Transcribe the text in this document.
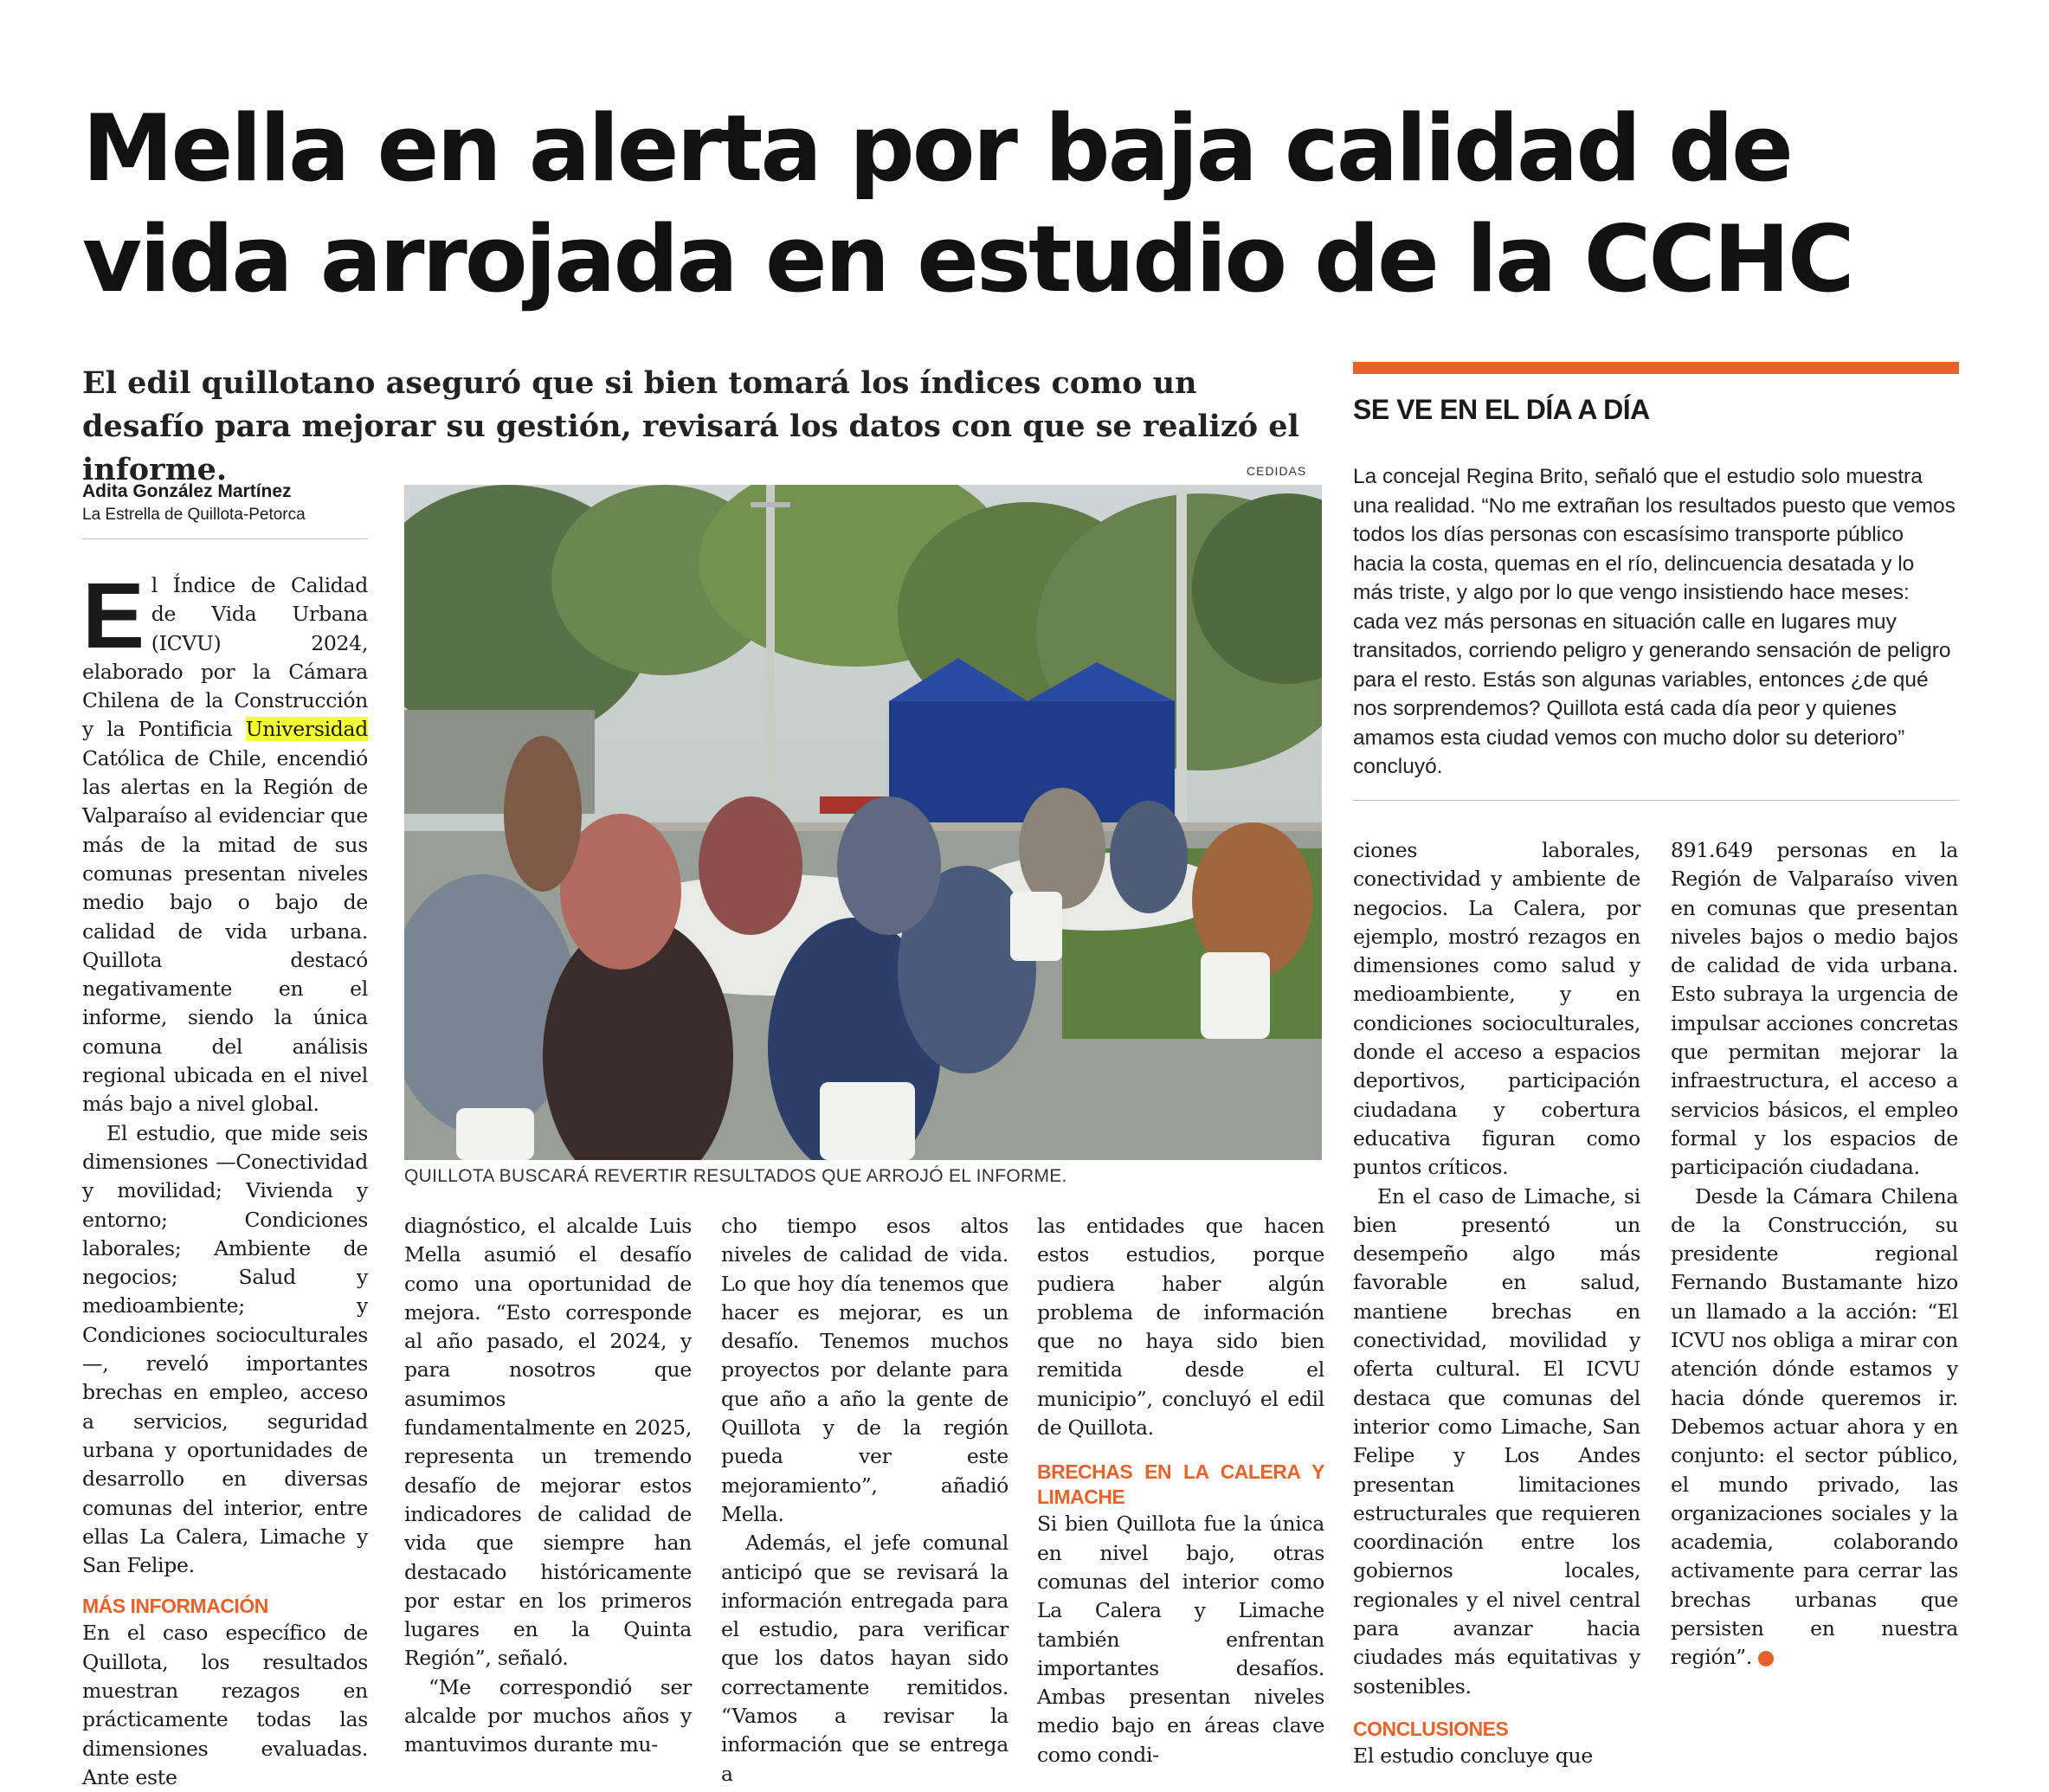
Mella en alerta por baja calidad de vida arrojada en estudio de la CCHC

El edil quillotano aseguró que si bien tomará los índices como un desafío para mejorar su gestión, revisará los datos con que se realizó el informe.

Adita González Martínez
La Estrella de Quillota-Petorca
E l Índice de Calidad de Vida Urbana (ICVU) 2024, elaborado por la Cámara Chilena de la Construcción y la Pontificia Universidad Católica de Chile, encendió las alertas en la Región de Valparaíso al evidenciar que más de la mitad de sus comunas presentan niveles medio bajo o bajo de calidad de vida urbana. Quillota destacó negativamente en el informe, siendo la única comuna del análisis regional ubicada en el nivel más bajo a nivel global.

El estudio, que mide seis dimensiones —Conectividad y movilidad; Vivienda y entorno; Condiciones laborales; Ambiente de negocios; Salud y medioambiente; y Condiciones socioculturales—, reveló importantes brechas en empleo, acceso a servicios, seguridad urbana y oportunidades de desarrollo en diversas comunas del interior, entre ellas La Calera, Limache y San Felipe.

MÁS INFORMACIÓN

En el caso específico de Quillota, los resultados muestran rezagos en prácticamente todas las dimensiones evaluadas. Ante este

CEDIDAS
QUILLOTA BUSCARÁ REVERTIR RESULTADOS QUE ARROJÓ EL INFORME.
SE VE EN EL DÍA A DÍA

La concejal Regina Brito, señaló que el estudio solo muestra una realidad. “No me extrañan los resultados puesto que vemos todos los días personas con escasísimo transporte público hacia la costa, quemas en el río, delincuencia desatada y lo más triste, y algo por lo que vengo insistiendo hace meses: cada vez más personas en situación calle en lugares muy transitados, corriendo peligro y generando sensación de peligro para el resto. Estás son algunas variables, entonces ¿de qué nos sorprendemos? Quillota está cada día peor y quienes amamos esta ciudad vemos con mucho dolor su deterioro” concluyó.

diagnóstico, el alcalde Luis Mella asumió el desafío como una oportunidad de mejora. “Esto corresponde al año pasado, el 2024, y para nosotros que asumimos fundamentalmente en 2025, representa un tremendo desafío de mejorar estos indicadores de calidad de vida que siempre han destacado históricamente por estar en los primeros lugares en la Quinta Región”, señaló.

“Me correspondió ser alcalde por muchos años y mantuvimos durante mu-

cho tiempo esos altos niveles de calidad de vida. Lo que hoy día tenemos que hacer es mejorar, es un desafío. Tenemos muchos proyectos por delante para que año a año la gente de Quillota y de la región pueda ver este mejoramiento”, añadió Mella.

Además, el jefe comunal anticipó que se revisará la información entregada para el estudio, para verificar que los datos hayan sido correctamente remitidos. “Vamos a revisar la información que se entrega a

las entidades que hacen estos estudios, porque pudiera haber algún problema de información que no haya sido bien remitida desde el municipio”, concluyó el edil de Quillota.

BRECHAS EN LA CALERA Y LIMACHE

Si bien Quillota fue la única en nivel bajo, otras comunas del interior como La Calera y Limache también enfrentan importantes desafíos. Ambas presentan niveles medio bajo en áreas clave como condi-

ciones laborales, conectividad y ambiente de negocios. La Calera, por ejemplo, mostró rezagos en dimensiones como salud y medioambiente, y en condiciones socioculturales, donde el acceso a espacios deportivos, participación ciudadana y cobertura educativa figuran como puntos críticos.

En el caso de Limache, si bien presentó un desempeño algo más favorable en salud, mantiene brechas en conectividad, movilidad y oferta cultural. El ICVU destaca que comunas del interior como Limache, San Felipe y Los Andes presentan limitaciones estructurales que requieren coordinación entre los gobiernos locales, regionales y el nivel central para avanzar hacia ciudades más equitativas y sostenibles.

CONCLUSIONES

El estudio concluye que

891.649 personas en la Región de Valparaíso viven en comunas que presentan niveles bajos o medio bajos de calidad de vida urbana. Esto subraya la urgencia de impulsar acciones concretas que permitan mejorar la infraestructura, el acceso a servicios básicos, el empleo formal y los espacios de participación ciudadana.

Desde la Cámara Chilena de la Construcción, su presidente regional Fernando Bustamante hizo un llamado a la acción: “El ICVU nos obliga a mirar con atención dónde estamos y hacia dónde queremos ir. Debemos actuar ahora y en conjunto: el sector público, el mundo privado, las organizaciones sociales y la academia, colaborando activamente para cerrar las brechas urbanas que persisten en nuestra región”.
